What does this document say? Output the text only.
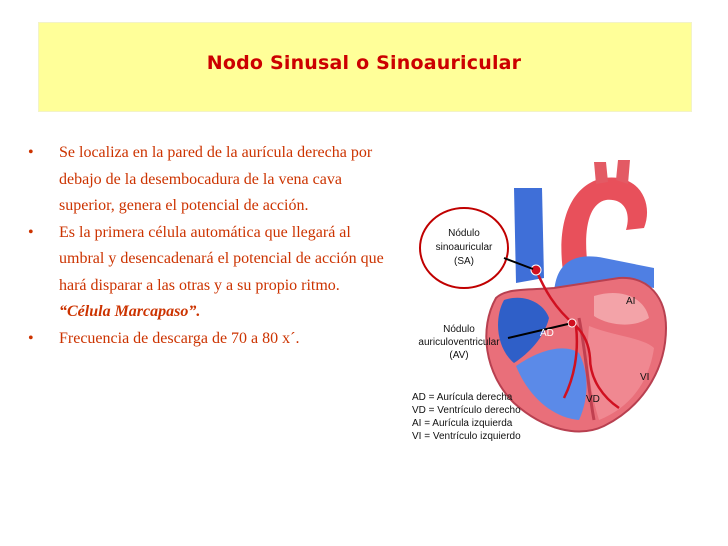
Nodo Sinusal o Sinoauricular
•	Se localiza en la pared de la aurícula derecha por debajo de la desembocadura de la vena cava superior, genera el potencial de acción.
•	Es la primera célula automática que llegará al umbral y desencadenará el potencial de acción que hará disparar a las otras y a su propio ritmo. “Célula Marcapaso”.
•	Frecuencia de descarga de 70 a 80 x´.
Nódulo
sinoauricular
(SA)
Nódulo
auriculoventricular
(AV)
AD
AI
VD
VI
AD = Aurícula derecha
VD = Ventrículo derecho
AI = Aurícula izquierda
VI = Ventrículo izquierdo
